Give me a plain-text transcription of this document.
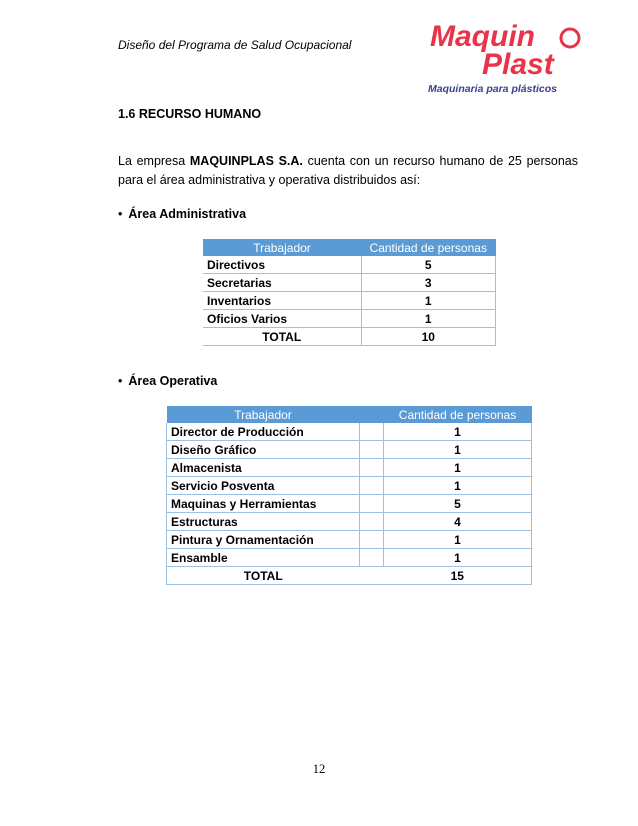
Diseño del Programa de Salud Ocupacional	Maquin
Plast
Maquinaria para plásticos
1.6 RECURSO HUMANO
La empresa MAQUINPLAS S.A. cuenta con un recurso humano de 25 personas para el área administrativa y operativa distribuidos así:
• Área Administrativa
Trabajador	Cantidad de personas
Directivos	5
Secretarias	3
Inventarios	1
Oficios Varios	1
TOTAL	10
• Área Operativa
Trabajador		Cantidad de personas
Director de Producción		1
Diseño Gráfico		1
Almacenista		1
Servicio Posventa		1
Maquinas y Herramientas		5
Estructuras		4
Pintura y Ornamentación		1
Ensamble		1
TOTAL		15
12
